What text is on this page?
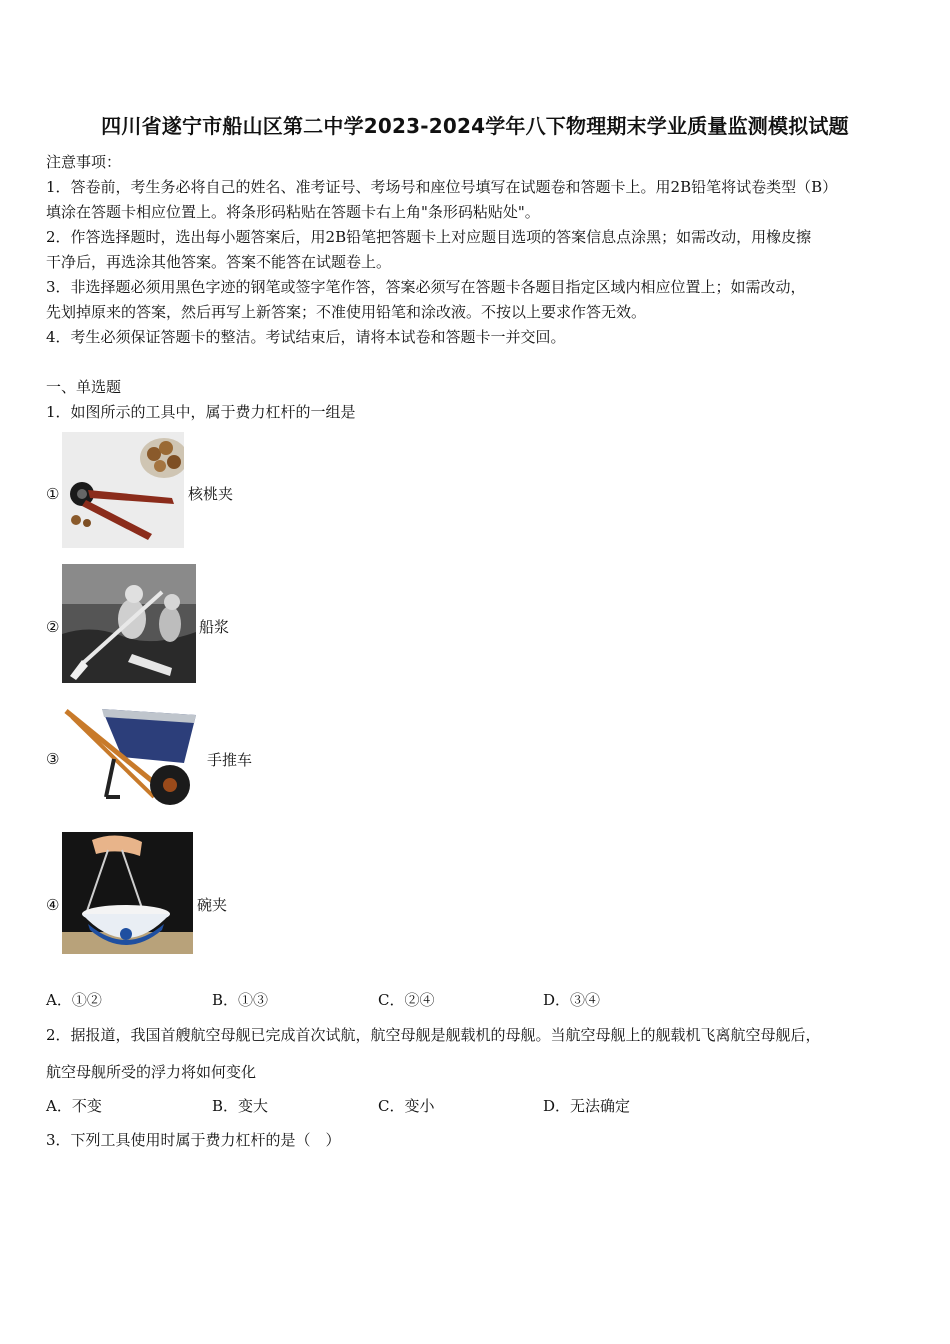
四川省遂宁市船山区第二中学2023-2024学年八下物理期末学业质量监测模拟试题
注意事项：
1．答卷前，考生务必将自己的姓名、准考证号、考场号和座位号填写在试题卷和答题卡上。用2B铅笔将试卷类型（B）
填涂在答题卡相应位置上。将条形码粘贴在答题卡右上角"条形码粘贴处"。
2．作答选择题时，选出每小题答案后，用2B铅笔把答题卡上对应题目选项的答案信息点涂黑；如需改动，用橡皮擦
干净后，再选涂其他答案。答案不能答在试题卷上。
3．非选择题必须用黑色字迹的钢笔或签字笔作答，答案必须写在答题卡各题目指定区域内相应位置上；如需改动，
先划掉原来的答案，然后再写上新答案；不准使用铅笔和涂改液。不按以上要求作答无效。
4．考生必须保证答题卡的整洁。考试结束后，请将本试卷和答题卡一并交回。
一、单选题
1．如图所示的工具中，属于费力杠杆的一组是
①	核桃夹
②	船浆
③	手推车
④	碗夹
A．①②	B．①③	C．②④	D．③④
2．据报道，我国首艘航空母舰已完成首次试航，航空母舰是舰载机的母舰。当航空母舰上的舰载机飞离航空母舰后，
航空母舰所受的浮力将如何变化
A．不变	B．变大	C．变小	D．无法确定
3．下列工具使用时属于费力杠杆的是（　）
